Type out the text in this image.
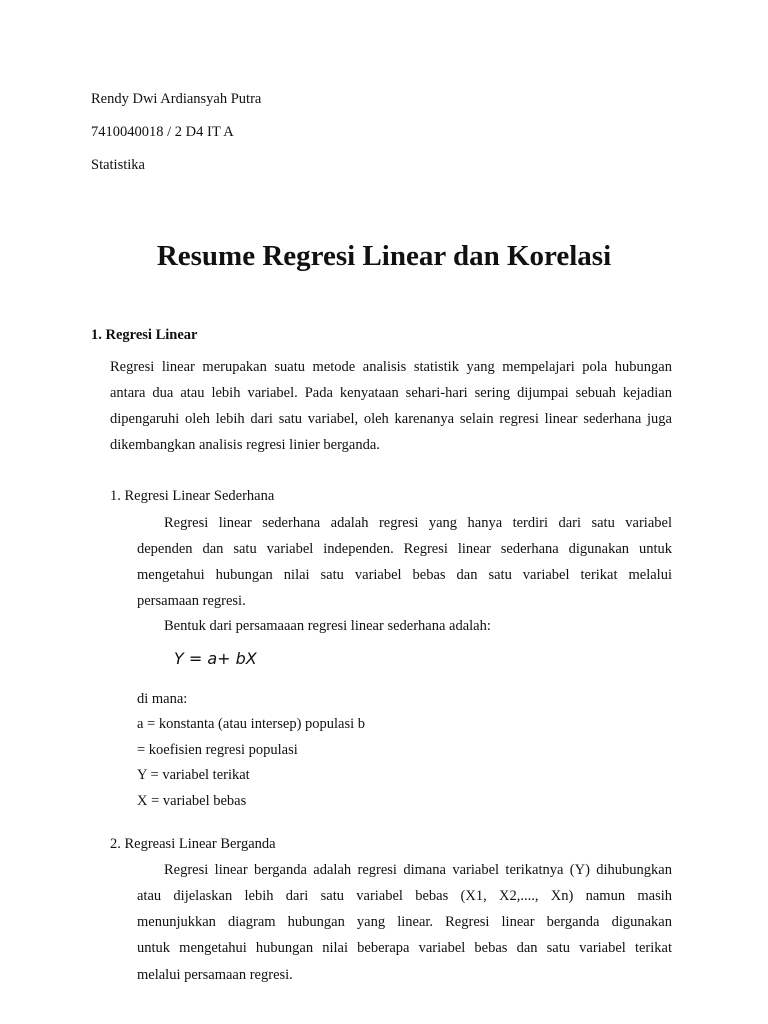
Rendy Dwi Ardiansyah Putra
7410040018 / 2 D4 IT A
Statistika
Resume Regresi Linear dan Korelasi
1. Regresi Linear
Regresi linear merupakan suatu metode analisis statistik yang mempelajari pola hubungan
antara dua atau lebih variabel. Pada kenyataan sehari-hari sering dijumpai sebuah kejadian
dipengaruhi oleh lebih dari satu variabel, oleh karenanya selain regresi linear sederhana juga
dikembangkan analisis regresi linier berganda.
1. Regresi Linear Sederhana
Regresi linear sederhana adalah regresi yang hanya terdiri dari satu variabel
dependen dan satu variabel independen. Regresi linear sederhana digunakan untuk
mengetahui hubungan nilai satu variabel bebas dan satu variabel terikat melalui
persamaan regresi.
Bentuk dari persamaaan regresi linear sederhana adalah:
Y = a+ bX
di mana:
a = konstanta (atau intersep) populasi b
= koefisien regresi populasi
Y = variabel terikat
X = variabel bebas
2. Regreasi Linear Berganda
Regresi linear berganda adalah regresi dimana variabel terikatnya (Y) dihubungkan
atau dijelaskan lebih dari satu variabel bebas (X1, X2,...., Xn) namun masih
menunjukkan diagram hubungan yang linear. Regresi linear berganda digunakan
untuk mengetahui hubungan nilai beberapa variabel bebas dan satu variabel terikat
melalui persamaan regresi.
